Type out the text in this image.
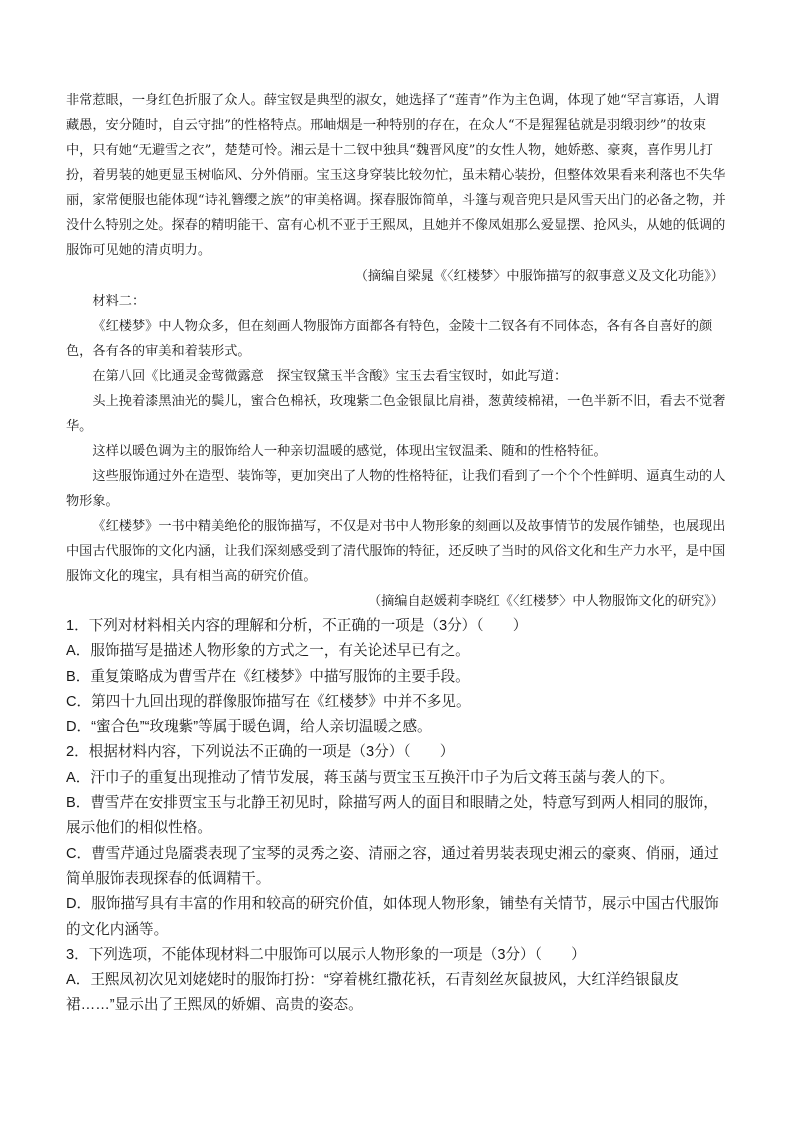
非常惹眼，一身红色折服了众人。薛宝钗是典型的淑女，她选择了“莲青”作为主色调，体现了她“罕言寡语，人谓藏愚，安分随时，自云守拙”的性格特点。邢岫烟是一种特别的存在，在众人“不是猩猩毡就是羽缎羽纱”的妆束中，只有她“无避雪之衣”，楚楚可怜。湘云是十二钗中独具“魏晋风度”的女性人物，她娇憨、豪爽，喜作男儿打扮，着男装的她更显玉树临风、分外俏丽。宝玉这身穿装比较勿忙，虽未精心装扮，但整体效果看来利落也不失华丽，家常便服也能体现“诗礼簪缨之族”的审美格调。探春服饰简单，斗篷与观音兜只是风雪天出门的必备之物，并没什么特别之处。探春的精明能干、富有心机不亚于王熙凤，且她并不像凤姐那么爱显摆、抢风头，从她的低调的服饰可见她的清贞明力。

（摘编自梁晁《〈红楼梦〉中服饰描写的叙事意义及文化功能》）

材料二：

《红楼梦》中人物众多，但在刻画人物服饰方面都各有特色，金陵十二钗各有不同体态，各有各自喜好的颜色，各有各的审美和着装形式。

在第八回《比通灵金莺微露意　探宝钗黛玉半含酸》宝玉去看宝钗时，如此写道：

头上挽着漆黑油光的鬓儿，蜜合色棉袄，玫瑰紫二色金银鼠比肩褂，葱黄绫棉裙，一色半新不旧，看去不觉奢华。

这样以暖色调为主的服饰给人一种亲切温暖的感觉，体现出宝钗温柔、随和的性格特征。

这些服饰通过外在造型、装饰等，更加突出了人物的性格特征，让我们看到了一个个个性鲜明、逼真生动的人物形象。

《红楼梦》一书中精美绝伦的服饰描写，不仅是对书中人物形象的刻画以及故事情节的发展作铺垫，也展现出中国古代服饰的文化内涵，让我们深刻感受到了清代服饰的特征，还反映了当时的风俗文化和生产力水平，是中国服饰文化的瑰宝，具有相当高的研究价值。

（摘编自赵媛莉李晓红《〈红楼梦〉中人物服饰文化的研究》）

1．下列对材料相关内容的理解和分析，不正确的一项是（3分）（　　）

A．服饰描写是描述人物形象的方式之一，有关论述早已有之。

B．重复策略成为曹雪芹在《红楼梦》中描写服饰的主要手段。

C．第四十九回出现的群像服饰描写在《红楼梦》中并不多见。

D．“蜜合色”“玫瑰紫”等属于暖色调，给人亲切温暖之感。

2．根据材料内容，下列说法不正确的一项是（3分）（　　）

A．汗巾子的重复出现推动了情节发展，蒋玉菡与贾宝玉互换汗巾子为后文蒋玉菡与袭人的下。

B．曹雪芹在安排贾宝玉与北静王初见时，除描写两人的面目和眼睛之处，特意写到两人相同的服饰，展示他们的相似性格。

C．曹雪芹通过凫靥裘表现了宝琴的灵秀之姿、清丽之容，通过着男装表现史湘云的豪爽、俏丽，通过简单服饰表现探春的低调精干。

D．服饰描写具有丰富的作用和较高的研究价值，如体现人物形象，铺垫有关情节，展示中国古代服饰的文化内涵等。

3．下列选项，不能体现材料二中服饰可以展示人物形象的一项是（3分）（　　）

A．王熙凤初次见刘姥姥时的服饰打扮：“穿着桃红撒花袄，石青刻丝灰鼠披风，大红洋绉银鼠皮裙……”显示出了王熙凤的娇媚、高贵的姿态。
